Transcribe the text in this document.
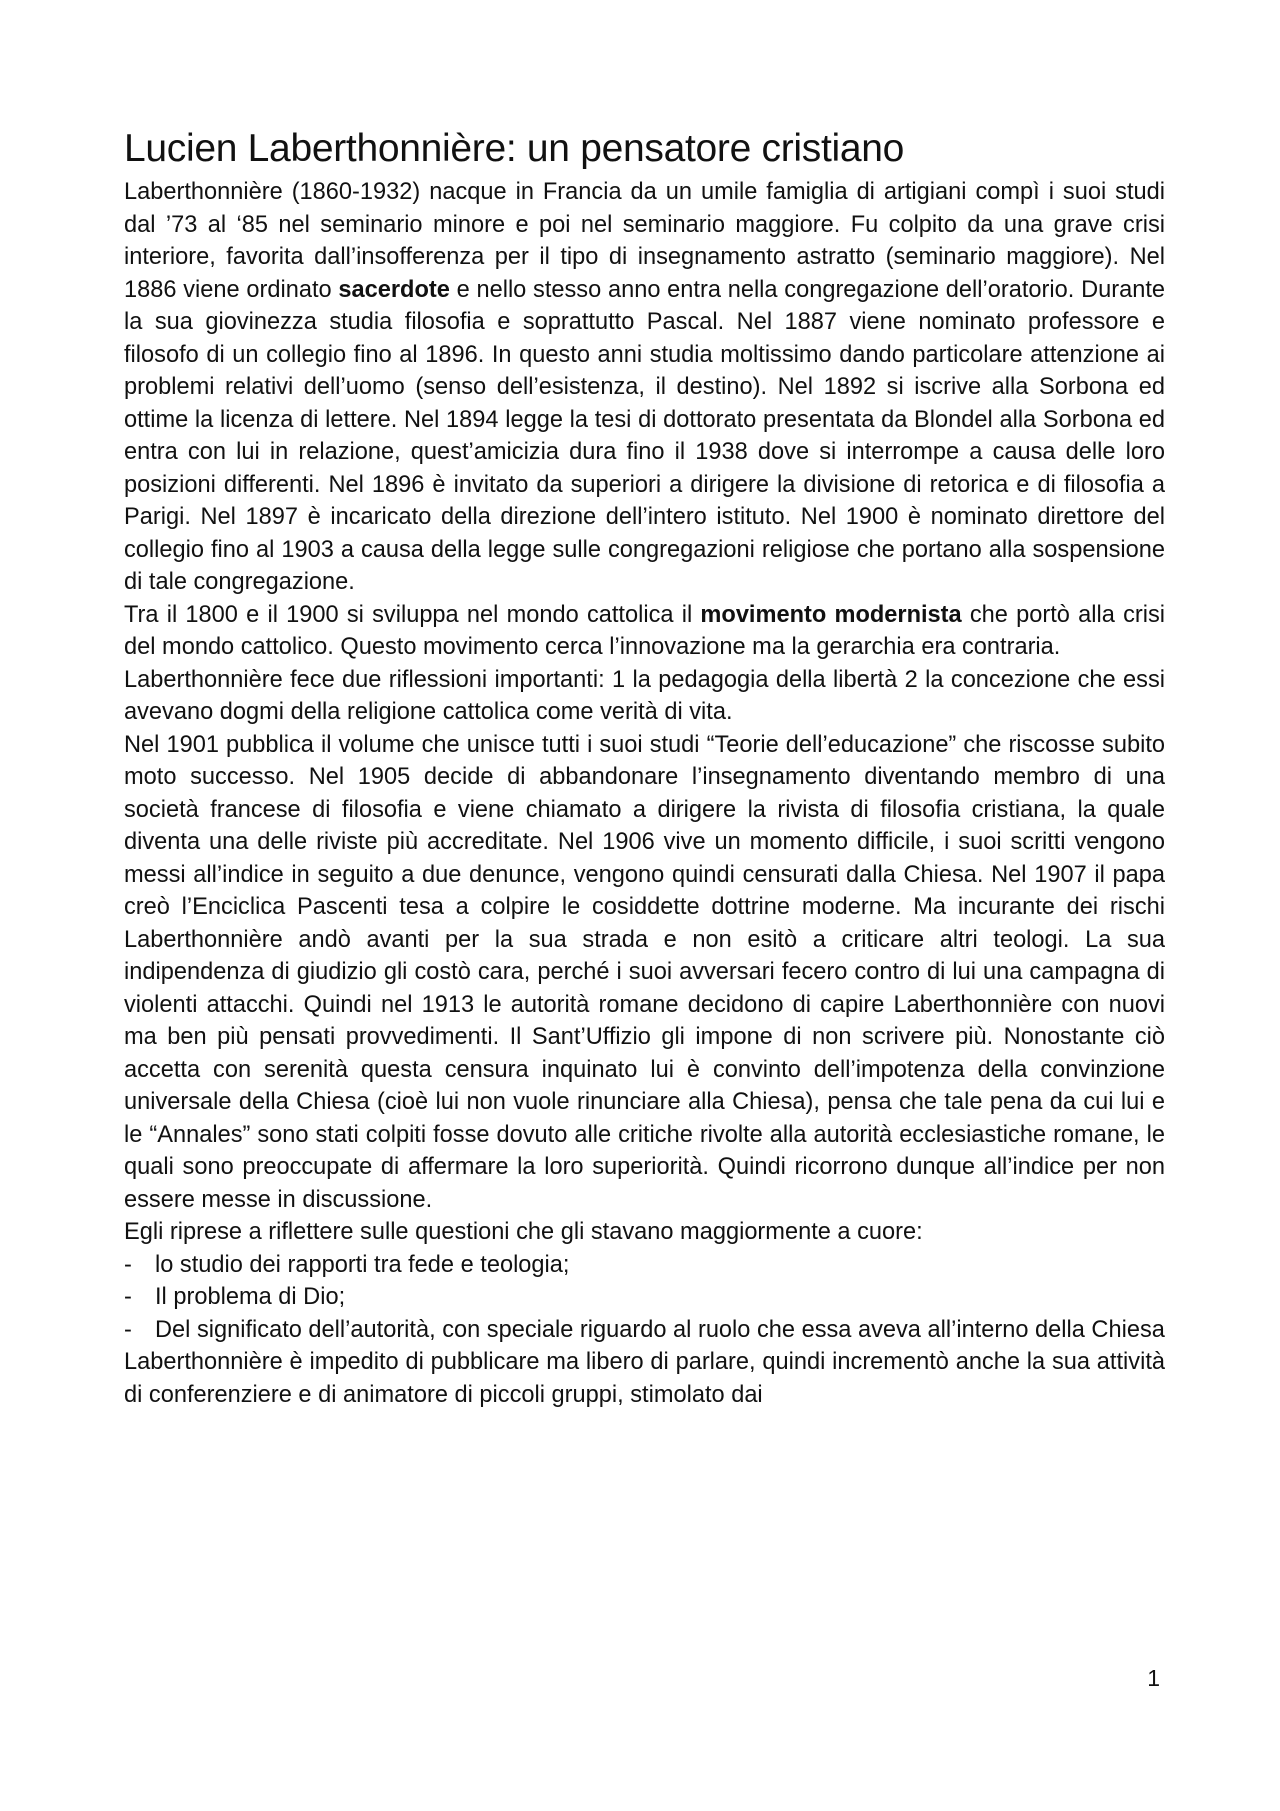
Lucien Laberthonnière: un pensatore cristiano

Laberthonnière (1860-1932) nacque in Francia da un umile famiglia di artigiani compì i suoi studi dal ’73 al ‘85 nel seminario minore e poi nel seminario maggiore. Fu colpito da una grave crisi interiore, favorita dall’insofferenza per il tipo di insegnamento astratto (seminario maggiore). Nel 1886 viene ordinato sacerdote e nello stesso anno entra nella congregazione dell’oratorio. Durante la sua giovinezza studia filosofia e soprattutto Pascal. Nel 1887 viene nominato professore e filosofo di un collegio fino al 1896. In questo anni studia moltissimo dando particolare attenzione ai problemi relativi dell’uomo (senso dell’esistenza, il destino). Nel 1892 si iscrive alla Sorbona ed ottime la licenza di lettere. Nel 1894 legge la tesi di dottorato presentata da Blondel alla Sorbona ed entra con lui in relazione, quest’amicizia dura fino il 1938 dove si interrompe a causa delle loro posizioni differenti. Nel 1896 è invitato da superiori a dirigere la divisione di retorica e di filosofia a Parigi. Nel 1897 è incaricato della direzione dell’intero istituto. Nel 1900 è nominato direttore del collegio fino al 1903 a causa della legge sulle congregazioni religiose che portano alla sospensione di tale congregazione.

Tra il 1800 e il 1900 si sviluppa nel mondo cattolica il movimento modernista che portò alla crisi del mondo cattolico. Questo movimento cerca l’innovazione ma la gerarchia era contraria.

Laberthonnière fece due riflessioni importanti: 1 la pedagogia della libertà 2 la concezione che essi avevano dogmi della religione cattolica come verità di vita.

Nel 1901 pubblica il volume che unisce tutti i suoi studi “Teorie dell’educazione” che riscosse subito moto successo. Nel 1905 decide di abbandonare l’insegnamento diventando membro di una società francese di filosofia e viene chiamato a dirigere la rivista di filosofia cristiana, la quale diventa una delle riviste più accreditate. Nel 1906 vive un momento difficile, i suoi scritti vengono messi all’indice in seguito a due denunce, vengono quindi censurati dalla Chiesa. Nel 1907 il papa creò l’Enciclica Pascenti tesa a colpire le cosiddette dottrine moderne. Ma incurante dei rischi Laberthonnière andò avanti per la sua strada e non esitò a criticare altri teologi. La sua indipendenza di giudizio gli costò cara, perché i suoi avversari fecero contro di lui una campagna di violenti attacchi. Quindi nel 1913 le autorità romane decidono di capire Laberthonnière con nuovi ma ben più pensati provvedimenti. Il Sant’Uffizio gli impone di non scrivere più. Nonostante ciò accetta con serenità questa censura inquinato lui è convinto dell’impotenza della convinzione universale della Chiesa (cioè lui non vuole rinunciare alla Chiesa), pensa che tale pena da cui lui e le “Annales” sono stati colpiti fosse dovuto alle critiche rivolte alla autorità ecclesiastiche romane, le quali sono preoccupate di affermare la loro superiorità. Quindi ricorrono dunque all’indice per non essere messe in discussione.

Egli riprese a riflettere sulle questioni che gli stavano maggiormente a cuore:

- lo studio dei rapporti tra fede e teologia;
- Il problema di Dio;
- Del significato dell’autorità, con speciale riguardo al ruolo che essa aveva all’interno della Chiesa

Laberthonnière è impedito di pubblicare ma libero di parlare, quindi incrementò anche la sua attività di conferenziere e di animatore di piccoli gruppi, stimolato dai

1
